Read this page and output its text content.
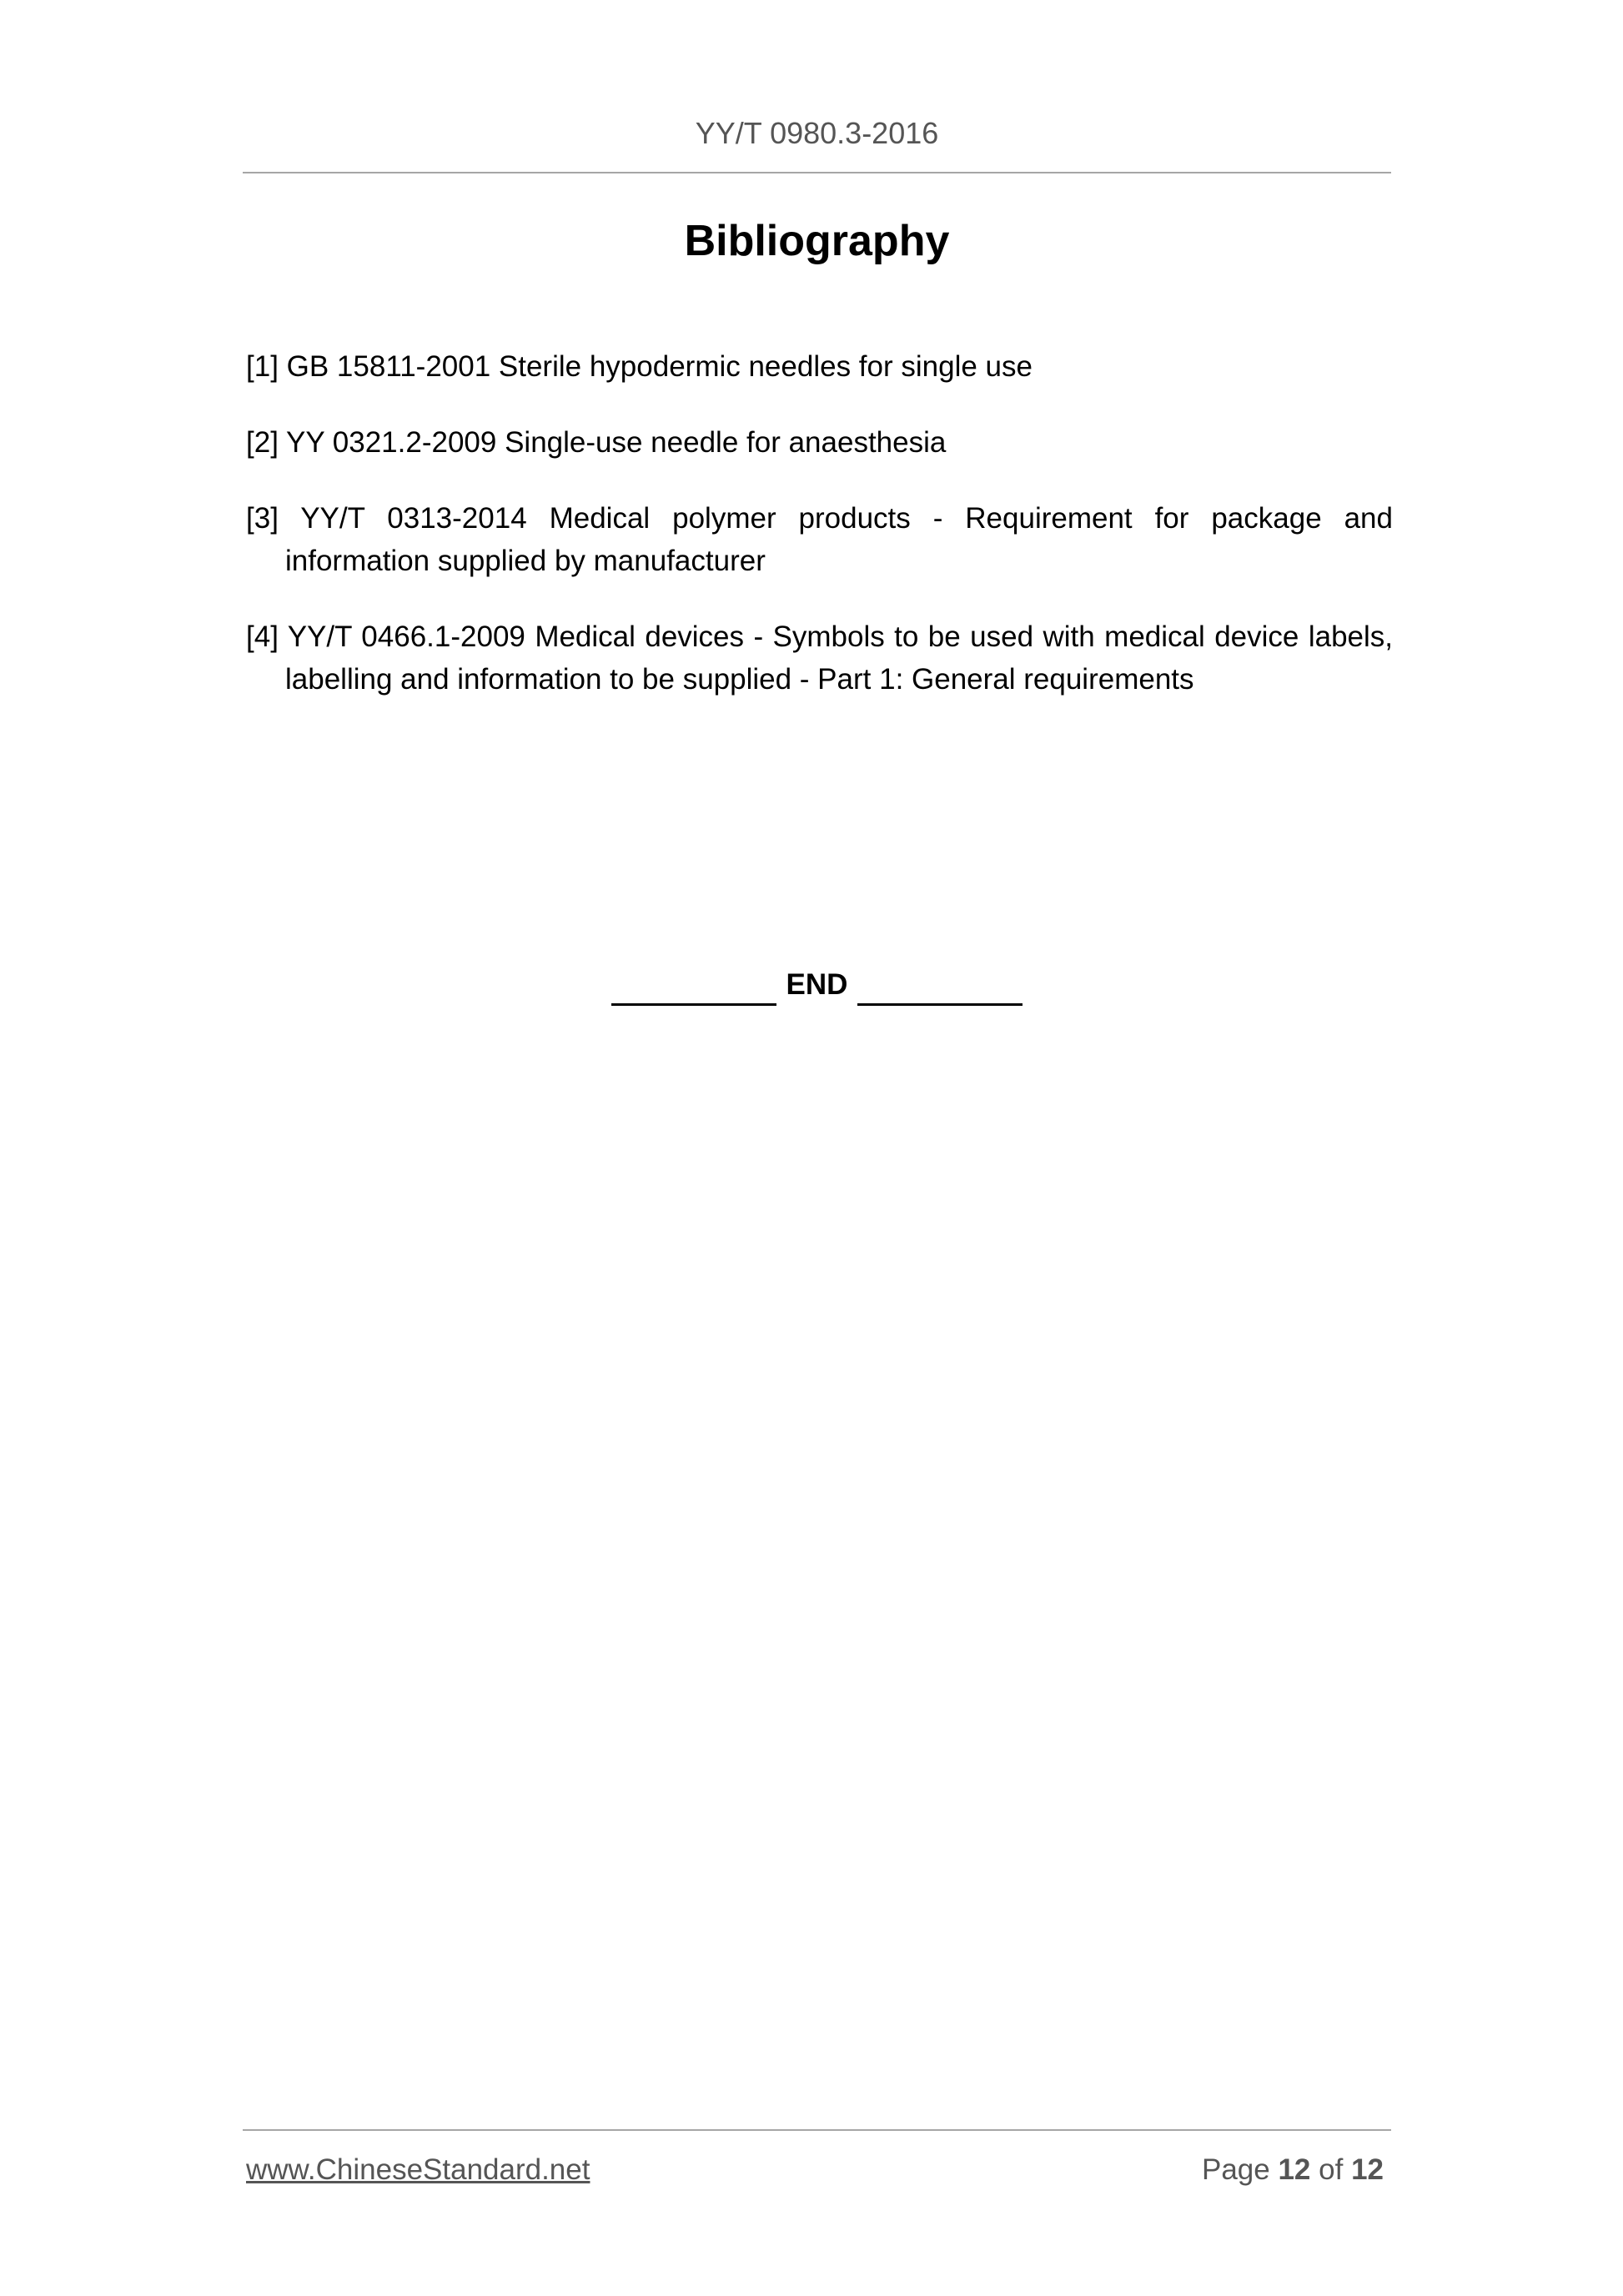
YY/T 0980.3-2016
Bibliography
[1] GB 15811-2001 Sterile hypodermic needles for single use
[2] YY 0321.2-2009 Single-use needle for anaesthesia
[3] YY/T 0313-2014 Medical polymer products - Requirement for package and information supplied by manufacturer
[4] YY/T 0466.1-2009 Medical devices - Symbols to be used with medical device labels, labelling and information to be supplied - Part 1: General requirements
END
www.ChineseStandard.net	Page 12 of 12
